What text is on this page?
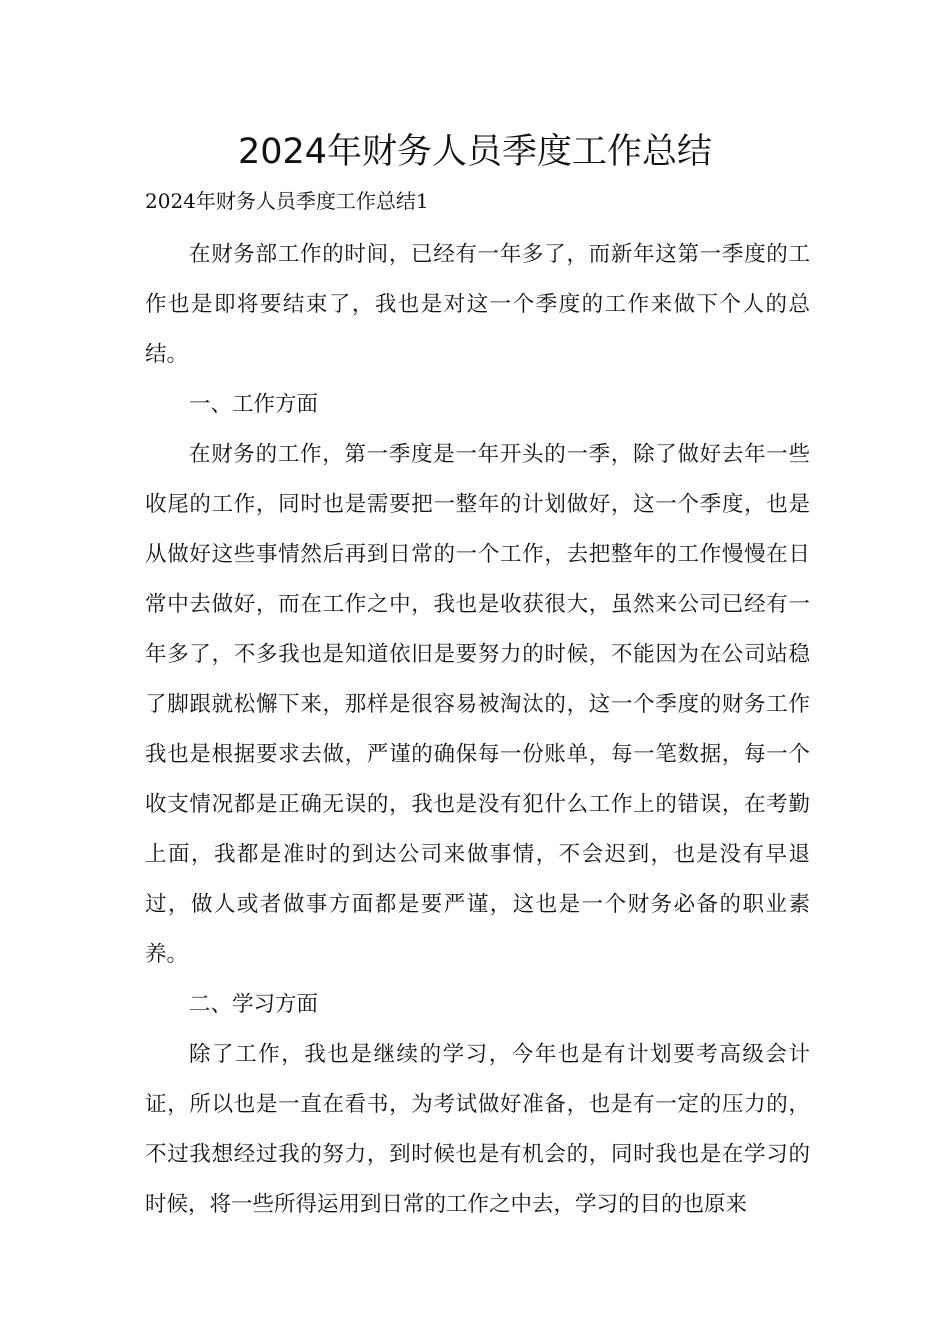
2024年财务人员季度工作总结
2024年财务人员季度工作总结1

在财务部工作的时间，已经有一年多了，而新年这第一季度的工作也是即将要结束了，我也是对这一个季度的工作来做下个人的总结。

一、工作方面

在财务的工作，第一季度是一年开头的一季，除了做好去年一些收尾的工作，同时也是需要把一整年的计划做好，这一个季度，也是从做好这些事情然后再到日常的一个工作，去把整年的工作慢慢在日常中去做好，而在工作之中，我也是收获很大，虽然来公司已经有一年多了，不多我也是知道依旧是要努力的时候，不能因为在公司站稳了脚跟就松懈下来，那样是很容易被淘汰的，这一个季度的财务工作我也是根据要求去做，严谨的确保每一份账单，每一笔数据，每一个收支情况都是正确无误的，我也是没有犯什么工作上的错误，在考勤上面，我都是准时的到达公司来做事情，不会迟到，也是没有早退过，做人或者做事方面都是要严谨，这也是一个财务必备的职业素养。

二、学习方面

除了工作，我也是继续的学习，今年也是有计划要考高级会计证，所以也是一直在看书，为考试做好准备，也是有一定的压力的，不过我想经过我的努力，到时候也是有机会的，同时我也是在学习的时候，将一些所得运用到日常的工作之中去，学习的目的也原来
